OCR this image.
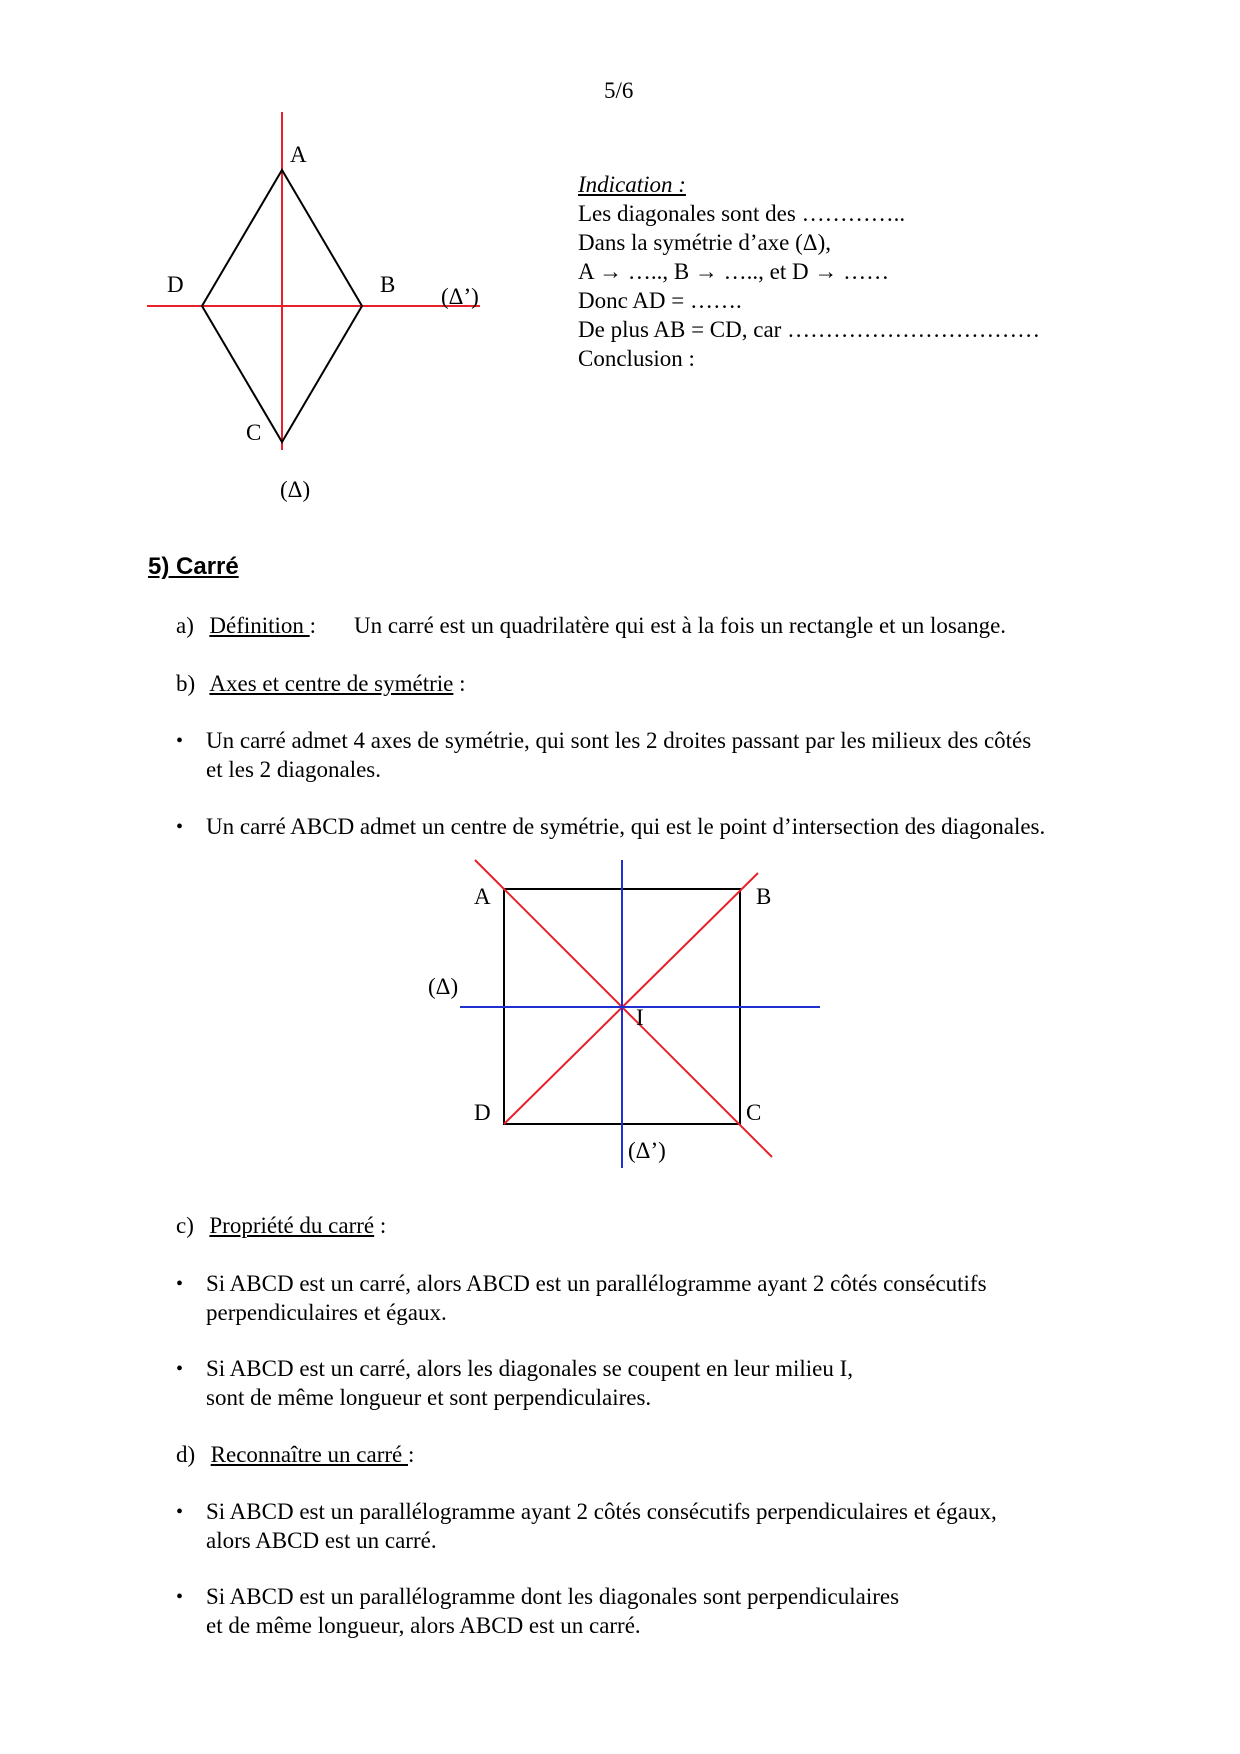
5/6
A
B
C
D	(Δ’)
(Δ)
Indication :
Les diagonales sont des …………..
Dans la symétrie d’axe (Δ),
A → ….., B → ….., et D → ……
Donc AD = …….
De plus AB = CD, car ……………………………
Conclusion :
5) Carré
a) Définition : Un carré est un quadrilatère qui est à la fois un rectangle et un losange.
b) Axes et centre de symétrie :
• Un carré admet 4 axes de symétrie, qui sont les 2 droites passant par les milieux des côtés
et les 2 diagonales.
• Un carré ABCD admet un centre de symétrie, qui est le point d’intersection des diagonales.
A	B
C
D
I
(Δ)
(Δ’)
c) Propriété du carré :
• Si ABCD est un carré, alors ABCD est un parallélogramme ayant 2 côtés consécutifs
perpendiculaires et égaux.
• Si ABCD est un carré, alors les diagonales se coupent en leur milieu I,
sont de même longueur et sont perpendiculaires.
d) Reconnaître un carré :
• Si ABCD est un parallélogramme ayant 2 côtés consécutifs perpendiculaires et égaux,
alors ABCD est un carré.
• Si ABCD est un parallélogramme dont les diagonales sont perpendiculaires
et de même longueur, alors ABCD est un carré.
